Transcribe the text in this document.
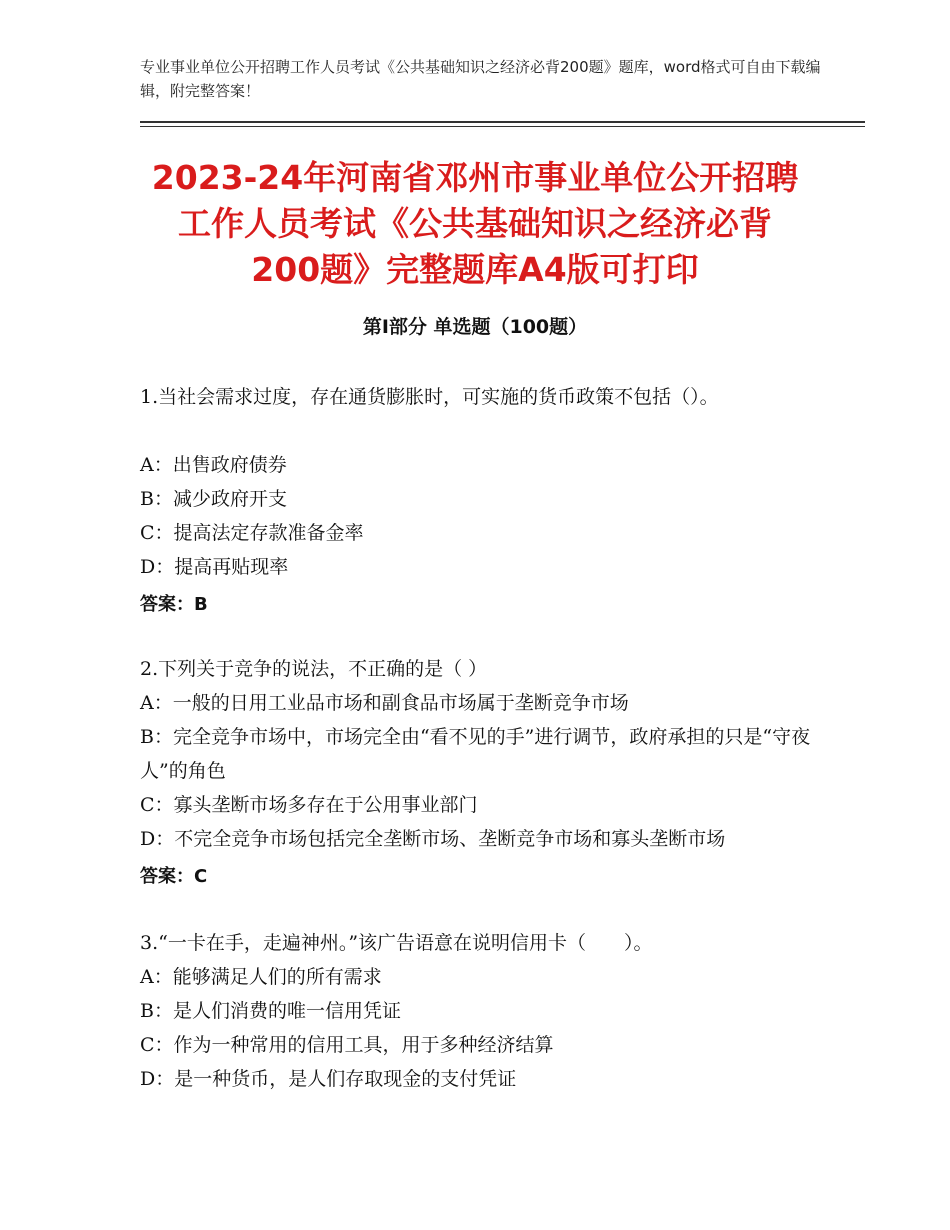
专业事业单位公开招聘工作人员考试《公共基础知识之经济必背200题》题库，word格式可自由下载编辑，附完整答案！
2023-24年河南省邓州市事业单位公开招聘
工作人员考试《公共基础知识之经济必背
200题》完整题库A4版可打印
第Ⅰ部分 单选题（100题）
1.当社会需求过度，存在通货膨胀时，可实施的货币政策不包括（）。
A：出售政府债券
B：减少政府开支
C：提高法定存款准备金率
D：提高再贴现率
答案：B
2.下列关于竞争的说法，不正确的是（ ）
A：一般的日用工业品市场和副食品市场属于垄断竞争市场
B：完全竞争市场中，市场完全由“看不见的手”进行调节，政府承担的只是“守夜人”的角色
C：寡头垄断市场多存在于公用事业部门
D：不完全竞争市场包括完全垄断市场、垄断竞争市场和寡头垄断市场
答案：C
3.“一卡在手，走遍神州。”该广告语意在说明信用卡（　　）。
A：能够满足人们的所有需求
B：是人们消费的唯一信用凭证
C：作为一种常用的信用工具，用于多种经济结算
D：是一种货币，是人们存取现金的支付凭证
